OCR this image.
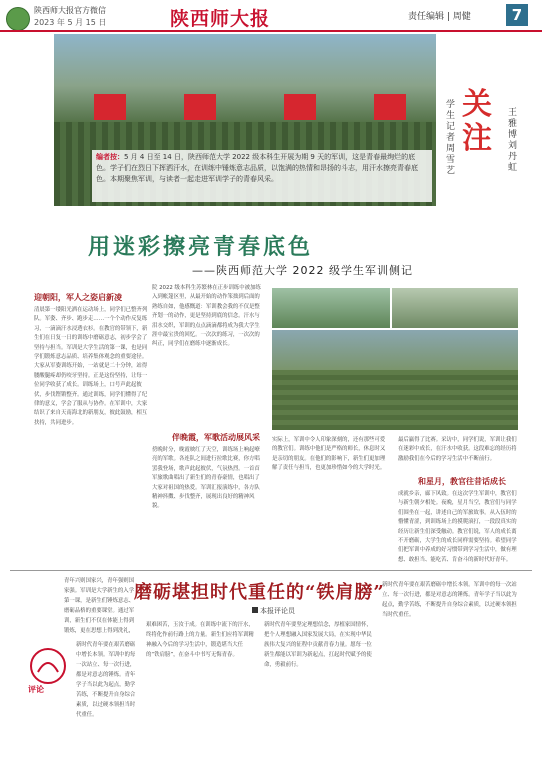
陕西师大报官方微信
2023 年 5 月 15 日	陕西师大报	责任编辑 | 周健	7
编者按：5 月 4 日至 14 日，陕西师范大学 2022 级本科生开展为期 9 天的军训，这是青春最绚烂的底色。学子们在烈日下挥洒汗水，在训练中锤炼意志品质，以饱满的热情和昂扬的斗志，用汗水擦亮青春底色。本期聚焦军训，与读者一起走进军训学子的青春风采。
关注
学生记者周雪艺
王雅博刘丹虹
用迷彩擦亮青春底色
——陕西师范大学 2022 级学生军训侧记
迎朝阳，军人之姿启新凌
清晨第一缕阳光洒在运动场上，同学们已整齐列队。军姿、齐步、跑步走……一个个动作反复练习，一滴滴汗水浸透衣衫。在教官的带领下，新生们在日复一日的训练中磨砺意志，初步学会了坚持与担当。军训是大学生活的第一课，也是同学们锻炼意志品质、培养集体观念的重要途径。大家从军姿训练开始，一站就是二十分钟，站得腰酸腿疼却仍咬牙坚持。正是这份坚持，让每一位同学收获了成长。训练场上，口号声此起彼伏，步伐铿锵整齐。通过训练，同学们懂得了纪律的意义，学会了服从与协作。在军训中，大家结识了来自天南海北的新朋友，彼此鼓励，相互扶持，共同进步。
院 2022 级本科生苏繁林在正步训练中被加练入到帐篷区里，从最开始的动作笨拙到后面的熟练自如，他感慨道：军训教会我的不仅是整齐划一的动作，更是坚持到底的信念。汗水与泪水交织，军训的点点滴滴都将成为我大学生涯中最宝贵的回忆。一次次的练习，一次次的纠正，同学们在磨练中逐渐成长。
伴晚霞，军歌活动展风采
傍晚时分，晚霞映红了天空，训练场上响起嘹亮的军歌。各连队之间进行拉歌比赛，你方唱罢我登场，歌声此起彼伏，气氛热烈。一首首军旅歌曲唱出了新生们的青春豪情，也唱出了大家对祖国的热爱。军训汇报演练中，各方队精神抖擞、步伐整齐，展现出良好的精神风貌。
实际上，军训中令人印象深刻的，还有那些可爱的教官们。训练中他们是严格的师长，休息时又是亲切的朋友。在他们的影响下，新生们更加理解了责任与担当，也更加珍惜如今的大学时光。
最后赢得了比赛。采访中，同学们说，军训让我们在迷彩中成长，在汗水中收获。这段难忘的经历将激励我们在今后的学习生活中不断前行。
和星月，教官往昔话成长
成就乡亲，廊下风致。在这次学生军训中，教官们与新生朝夕相处。夜晚，星月当空，教官们与同学们围坐在一起，讲述自己的军旅故事。从入伍时的懵懂青涩，到训练场上的摸爬滚打，一段段真实的经历让新生们深受触动。教官们说，军人的成长离不开磨砺，大学生的成长同样需要坚持。希望同学们把军训中养成的好习惯带到学习生活中，做有理想、敢担当、能吃苦、肯奋斗的新时代好青年。
评论
青年兴则国家兴，青年强则国家强。军训是大学新生的入学第一课，是新生们锤炼意志、磨砺品格的重要课堂。通过军训，新生们不仅在体能上得到锻炼，更在思想上得到洗礼，
新时代青年要在艰苦磨砺中增长本领。军训中的每一次站立、每一次行进，都是对意志的锤炼。青年学子当以此为起点，勤学苦练，不断提升自身综合素质，以过硬本领担当时代重任。
磨砺堪担时代重任的“铁肩膀”
本报评论员
艰难困苦，玉汝于成。在训练中流下的汗水，终将化作前行路上的力量。新生们应将军训精神融入今后的学习生活中，锻造堪当大任的“铁肩膀”，在奋斗中书写无悔青春。
新时代青年要坚定理想信念，厚植家国情怀，把个人理想融入国家发展大局，在实现中华民族伟大复兴的征程中贡献青春力量。愿每一位新生都能以军训为新起点，扛起时代赋予的使命，勇毅前行。
新时代青年要在艰苦磨砺中增长本领。军训中的每一次站立、每一次行进，都是对意志的锤炼。青年学子当以此为起点，勤学苦练，不断提升自身综合素质，以过硬本领担当时代重任。
